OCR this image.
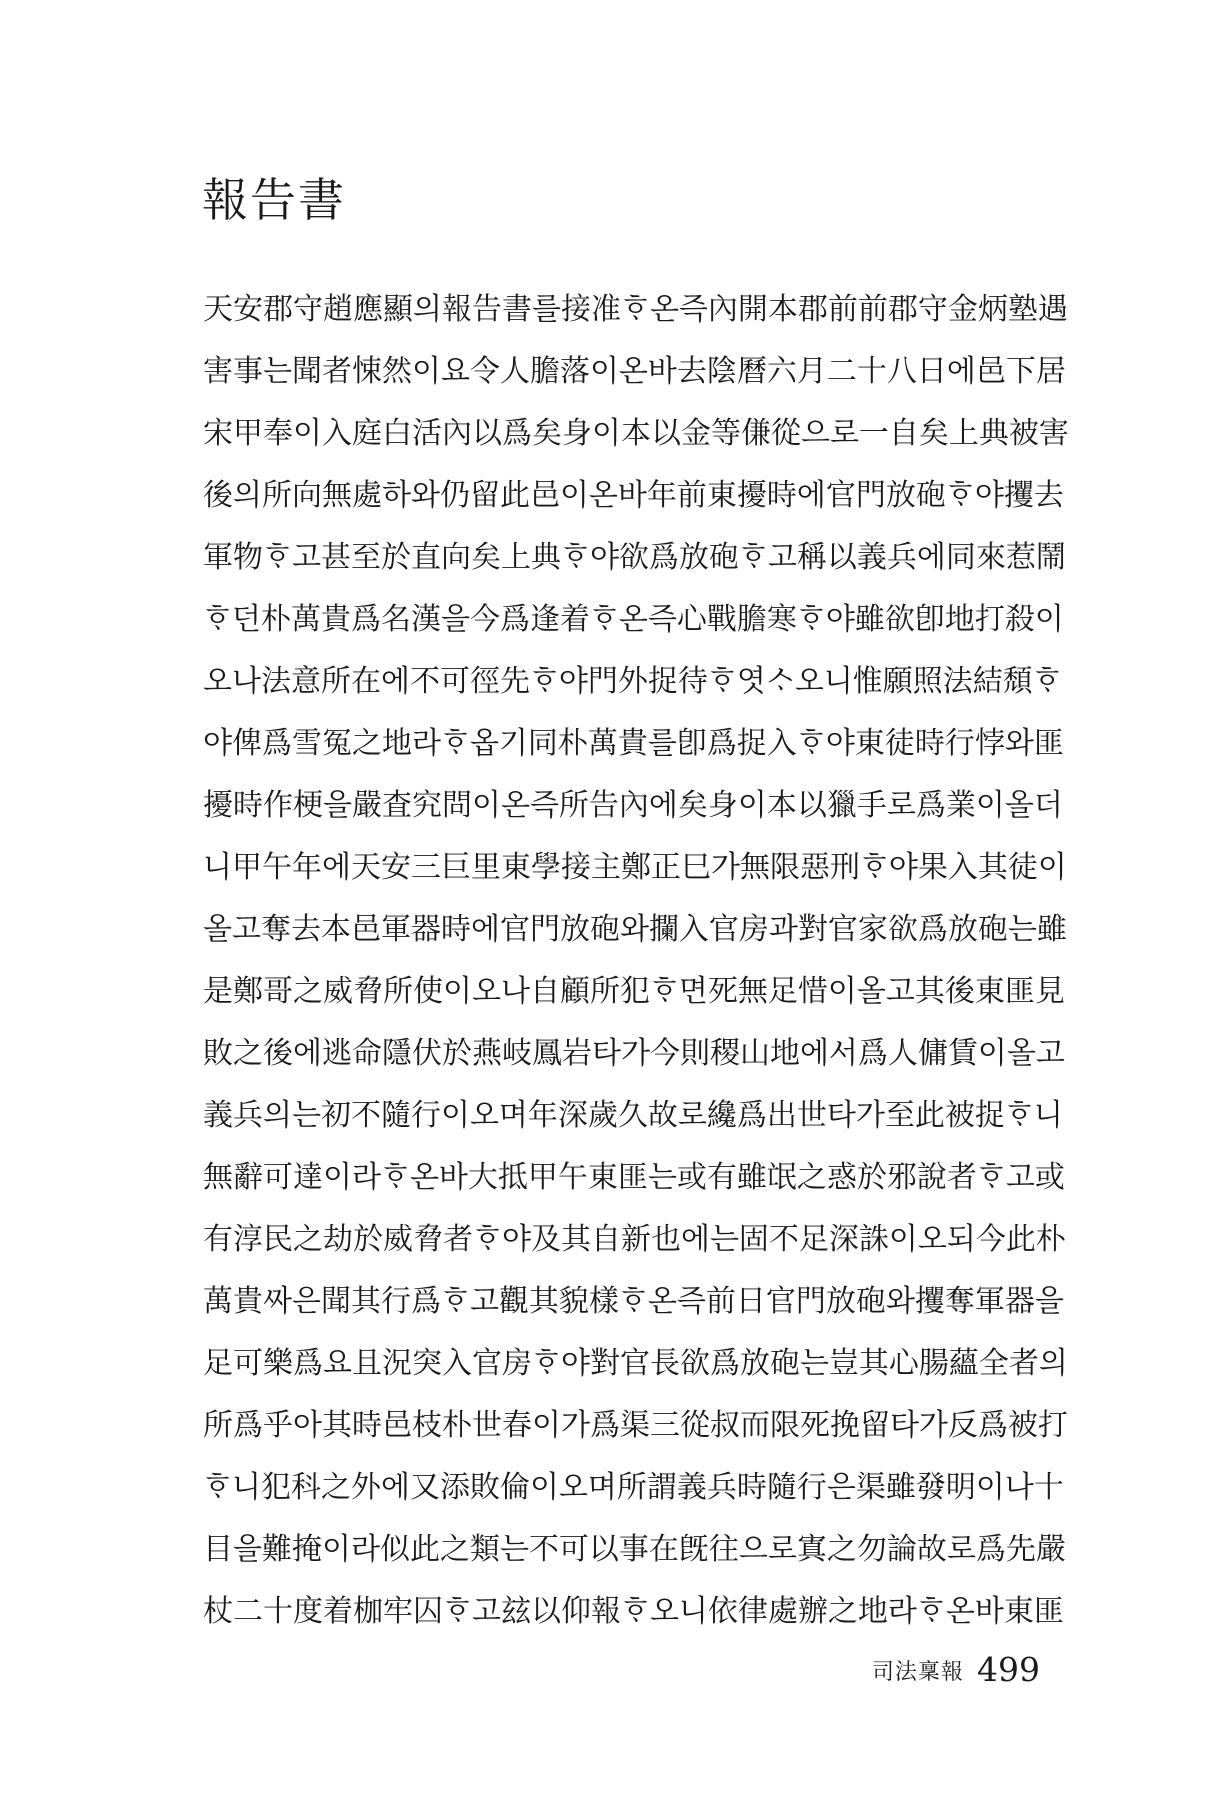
報告書
天安郡守趙應顯의報告書를接准ᄒᆞ온즉內開本郡前前郡守金炳塾遇
害事는聞者悚然이요令人膽落이온바去陰曆六月二十八日에邑下居
宋甲奉이入庭白活內以爲矣身이本以金等傔從으로一自矣上典被害
後의所向無處하와仍留此邑이온바年前東擾時에官門放砲ᄒᆞ야攫去
軍物ᄒᆞ고甚至於直向矣上典ᄒᆞ야欲爲放砲ᄒᆞ고稱以義兵에同來惹鬧
ᄒᆞ던朴萬貴爲名漢을今爲逢着ᄒᆞ온즉心戰膽寒ᄒᆞ야雖欲卽地打殺이
오나法意所在에不可徑先ᄒᆞ야門外捉待ᄒᆞ엿ᄉᆞ오니惟願照法結頹ᄒᆞ
야俾爲雪冤之地라ᄒᆞ옵기同朴萬貴를卽爲捉入ᄒᆞ야東徒時行悖와匪
擾時作梗을嚴査究問이온즉所告內에矣身이本以獵手로爲業이올더
니甲午年에天安三巨里東學接主鄭正巳가無限惡刑ᄒᆞ야果入其徒이
올고奪去本邑軍器時에官門放砲와攔入官房과對官家欲爲放砲는雖
是鄭哥之威脅所使이오나自顧所犯ᄒᆞ면死無足惜이올고其後東匪見
敗之後에逃命隱伏於燕岐鳳岩타가今則稷山地에서爲人傭賃이올고
義兵의는初不隨行이오며年深歲久故로纔爲出世타가至此被捉ᄒᆞ니
無辭可達이라ᄒᆞ온바大抵甲午東匪는或有雖氓之惑於邪說者ᄒᆞ고或
有淳民之劫於威脅者ᄒᆞ야及其自新也에는固不足深誅이오되今此朴
萬貴ᄶᅡ은聞其行爲ᄒᆞ고觀其貌樣ᄒᆞ온즉前日官門放砲와攫奪軍器을
足可樂爲요且況突入官房ᄒᆞ야對官長欲爲放砲는豈其心腸蘊全者의
所爲乎아其時邑枝朴世春이가爲渠三從叔而限死挽留타가反爲被打
ᄒᆞ니犯科之外에又添敗倫이오며所謂義兵時隨行은渠雖發明이나十
目을難掩이라似此之類는不可以事在旣往으로寘之勿論故로爲先嚴
杖二十度着枷牢囚ᄒᆞ고玆以仰報ᄒᆞ오니依律處辦之地라ᄒᆞ온바東匪
司法稟報 499
